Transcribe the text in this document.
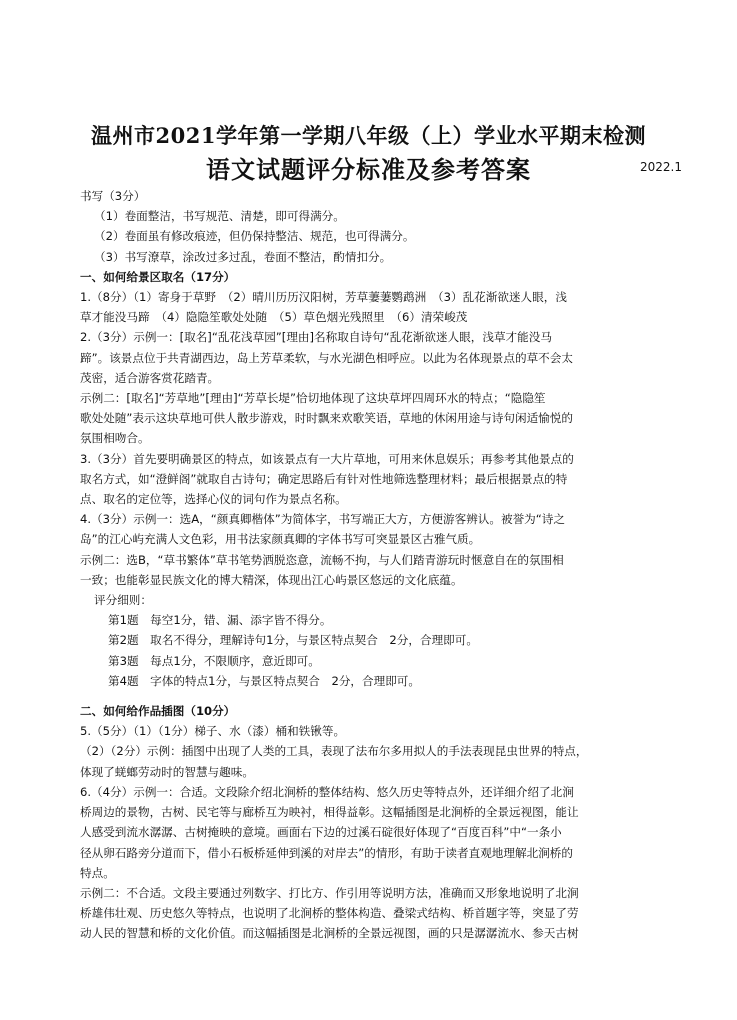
温州市2021学年第一学期八年级（上）学业水平期末检测
语文试题评分标准及参考答案	2022.1

书写（3分）

（1）卷面整洁，书写规范、清楚，即可得满分。

（2）卷面虽有修改痕迹，但仍保持整洁、规范，也可得满分。

（3）书写潦草，涂改过多过乱，卷面不整洁，酌情扣分。

一、如何给景区取名（17分）

1.（8分）（1）寄身于草野　（2）晴川历历汉阳树，芳草萋萋鹦鹉洲　（3）乱花渐欲迷人眼，浅

草才能没马蹄　（4）隐隐笙歌处处随　（5）草色烟光残照里　（6）清荣峻茂

2.（3分）示例一：[取名]“乱花浅草园”[理由]名称取自诗句“乱花渐欲迷人眼，浅草才能没马

蹄”。该景点位于共青湖西边，岛上芳草柔软，与水光湖色相呼应。以此为名体现景点的草不会太

茂密，适合游客赏花踏青。

示例二：[取名]“芳草地”[理由]“芳草长堤”恰切地体现了这块草坪四周环水的特点；“隐隐笙

歌处处随”表示这块草地可供人散步游戏，时时飘来欢歌笑语，草地的休闲用途与诗句闲适愉悦的

氛围相吻合。

3.（3分）首先要明确景区的特点，如该景点有一大片草地，可用来休息娱乐；再参考其他景点的

取名方式，如“澄鲜阁”就取自古诗句；确定思路后有针对性地筛选整理材料；最后根据景点的特

点、取名的定位等，选择心仪的词句作为景点名称。

4.（3分）示例一：选A，“颜真卿楷体”为简体字，书写端正大方，方便游客辨认。被誉为“诗之

岛”的江心屿充满人文色彩，用书法家颜真卿的字体书写可突显景区古雅气质。

示例二：选B，“草书繁体”草书笔势洒脱恣意，流畅不拘，与人们踏青游玩时惬意自在的氛围相

一致；也能彰显民族文化的博大精深，体现出江心屿景区悠远的文化底蕴。

评分细则：

第1题　每空1分，错、漏、添字皆不得分。

第2题　取名不得分，理解诗句1分，与景区特点契合　2分，合理即可。

第3题　每点1分，不限顺序，意近即可。

第4题　字体的特点1分，与景区特点契合　2分，合理即可。

二、如何给作品插图（10分）

5.（5分）（1）（1分）梯子、水（漆）桶和铁锹等。

（2）（2分）示例：插图中出现了人类的工具，表现了法布尔多用拟人的手法表现昆虫世界的特点，

体现了蜣螂劳动时的智慧与趣味。

6.（4分）示例一：合适。文段除介绍北涧桥的整体结构、悠久历史等特点外，还详细介绍了北涧

桥周边的景物，古树、民宅等与廊桥互为映衬，相得益彰。这幅插图是北涧桥的全景远视图，能让

人感受到流水潺潺、古树掩映的意境。画面右下边的过溪石碇很好体现了“百度百科”中“一条小

径从卵石路旁分道而下，借小石板桥延伸到溪的对岸去”的情形，有助于读者直观地理解北涧桥的

特点。

示例二：不合适。文段主要通过列数字、打比方、作引用等说明方法，准确而又形象地说明了北涧

桥雄伟壮观、历史悠久等特点，也说明了北涧桥的整体构造、叠梁式结构、桥首题字等，突显了劳

动人民的智慧和桥的文化价值。而这幅插图是北涧桥的全景远视图，画的只是潺潺流水、参天古树
